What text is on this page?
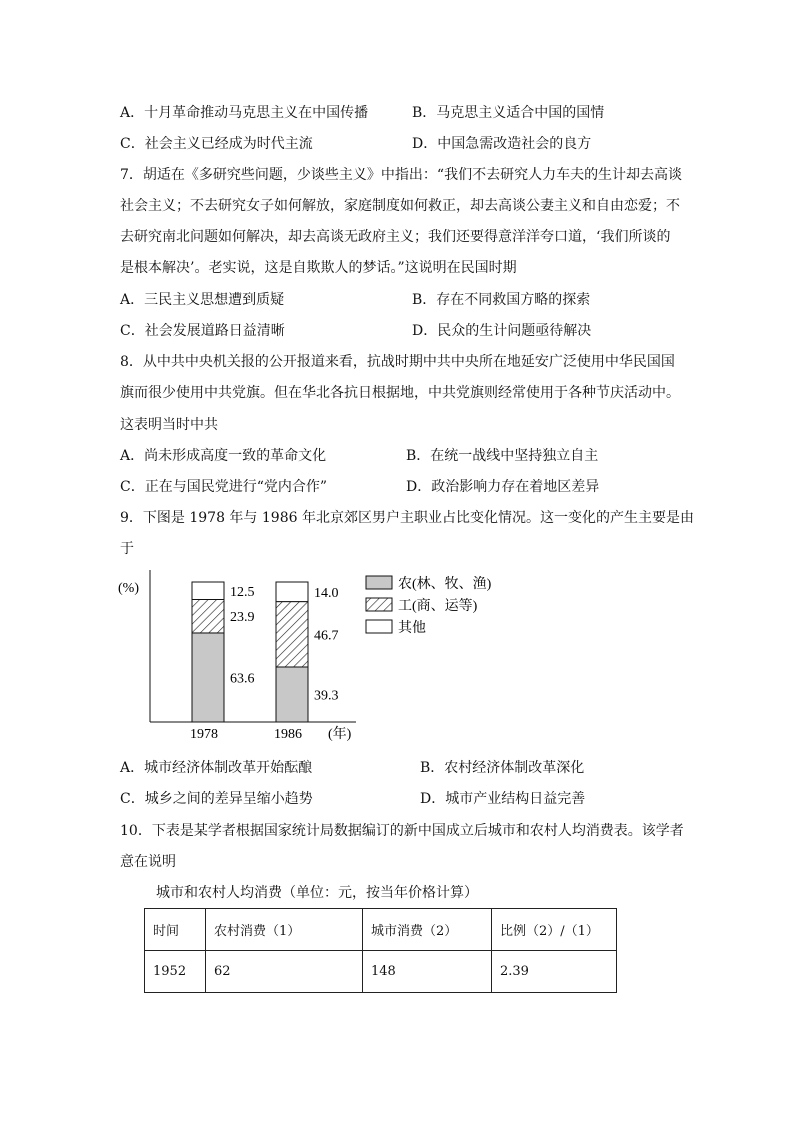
A．十月革命推动马克思主义在中国传播	B．马克思主义适合中国的国情
C．社会主义已经成为时代主流	D．中国急需改造社会的良方
7．胡适在《多研究些问题，少谈些主义》中指出：“我们不去研究人力车夫的生计却去高谈
社会主义；不去研究女子如何解放，家庭制度如何救正，却去高谈公妻主义和自由恋爱；不
去研究南北问题如何解决，却去高谈无政府主义；我们还要得意洋洋夸口道，‘我们所谈的
是根本解决’。老实说，这是自欺欺人的梦话。”这说明在民国时期
A．三民主义思想遭到质疑	B．存在不同救国方略的探索
C．社会发展道路日益清晰	D．民众的生计问题亟待解决
8．从中共中央机关报的公开报道来看，抗战时期中共中央所在地延安广泛使用中华民国国
旗而很少使用中共党旗。但在华北各抗日根据地，中共党旗则经常使用于各种节庆活动中。
这表明当时中共
A．尚未形成高度一致的革命文化	B．在统一战线中坚持独立自主
C．正在与国民党进行“党内合作”	D．政治影响力存在着地区差异
9．下图是 1978 年与 1986 年北京郊区男户主职业占比变化情况。这一变化的产生主要是由
于
(%)
(年)
63.6
23.9
12.5
39.3
46.7
14.0
1978	1986
农(林、牧、渔)
工(商、运等)
其他
A．城市经济体制改革开始酝酿	B．农村经济体制改革深化
C．城乡之间的差异呈缩小趋势	D．城市产业结构日益完善
10．下表是某学者根据国家统计局数据编订的新中国成立后城市和农村人均消费表。该学者
意在说明
城市和农村人均消费（单位：元，按当年价格计算）
时间	农村消费（1）	城市消费（2）	比例（2）/（1）
1952	62	148	2.39
